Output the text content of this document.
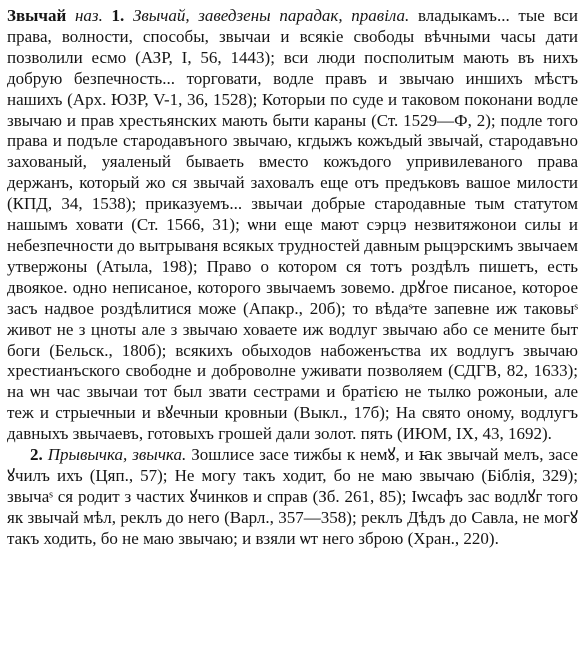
Звычай наз. 1. Звычай, заведзены парадак, правіла. владыкамъ... тые вси права, волности, способы, звычаи и всякіе свободы вѣчными часы дати позволили есмо (АЗР, I, 56, 1443); вси люди посполитым мають въ нихъ добрую безпечность... торговати, водле правъ и звычаю иншихъ мѣстъ нашихъ (Арх. ЮЗР, V-1, 36, 1528); Которыи по суде и таковом поконани водле звычаю и прав хрестьянских мають быти караны (Ст. 1529—Ф, 2); подле того права и подъле стародавъного звычаю, кгдыжъ кожъдый звычай, стародавъно захованый, уяаленый бываеть вместо кожъдого упривилеваного права держанъ, который жо ся звычай заховалъ еще отъ предъковъ вашое милости (КПД, 34, 1538); приказуемъ... звычаи добрые стародавные тым статутом нашымъ ховати (Ст. 1566, 31); ѡни еще мают сэрцэ незвитяжонои силы и небезпечности до вытрываня всякых трудностей давным рыцэрскимъ звычаем утвержоны (Атыла, 198); Право о котором ся тотъ роздѣлъ пишетъ, есть двоякое. одно неписаное, которого звычаемъ зовемо. дрꙋгое писаное, которое засъ надвое роздѣлитися може (Апакр., 20б); то вѣдаˢте запевне иж таковыˢ живот не з цноты але з звычаю ховаете иж водлуг звычаю або се мените быт боги (Бельск., 180б); всякихъ обыходов набоженъства их водлугъ звычаю хрестианъского свободне и доброволне уживати позволяем (СДГВ, 82, 1633); на ѡн час звычаи тот был звати сестрами и братією не тылко рожоныи, але теж и стрыечныи и вꙋечныи кровныи (Выкл., 17б); На свято оному, водлугъ давныхъ звычаевъ, готовыхъ грошей дали золот. пять (ИЮМ, IX, 43, 1692).

2. Прывычка, звычка. Зошлисе засе тижбы к немꙋ, и ꙗк звычай мелъ, засе ꙋчилъ ихъ (Цяп., 57); Не могу такъ ходит, бо не маю звычаю (Біблія, 329); звычаˢ ся родит з частих ꙋчинков и справ (Зб. 261, 85); Ιѡсафъ зас водлꙋг того як звычай мѣл, реклъ до него (Варл., 357—358); реклъ Дѣдъ до Савла, не могꙋ такъ ходить, бо не маю звычаю; и взяли ѡт него зброю (Хран., 220).
